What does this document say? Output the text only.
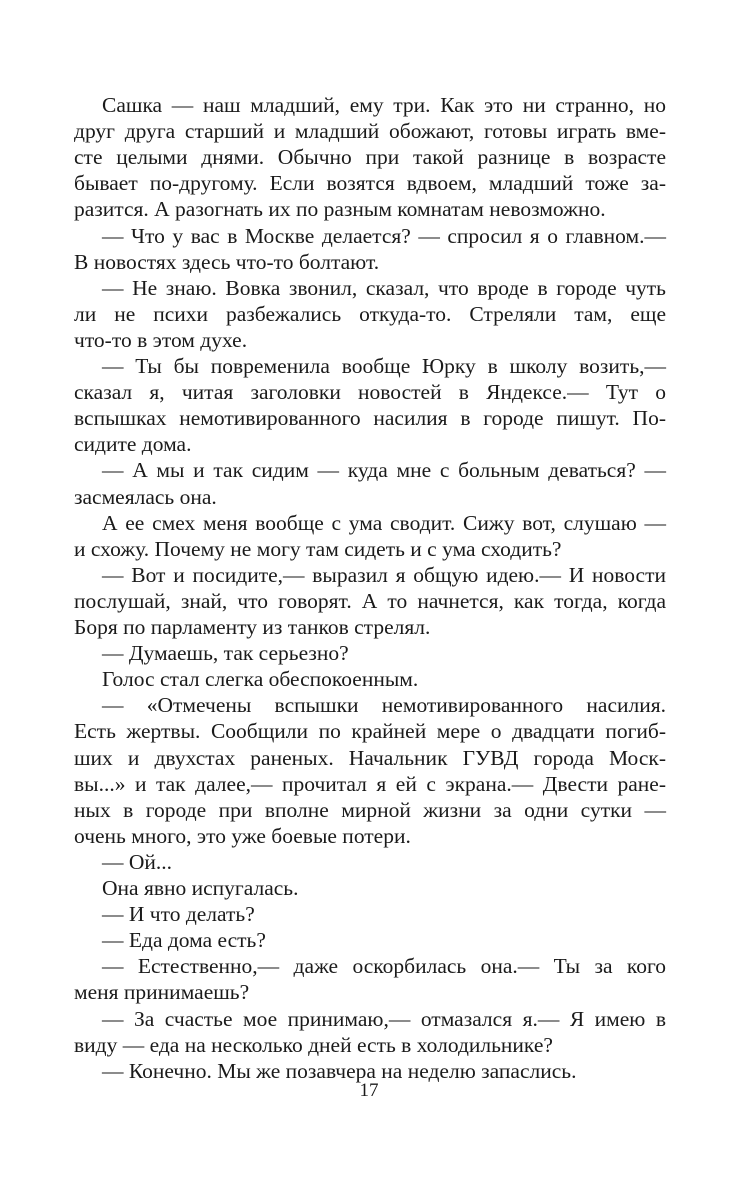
Сашка — наш младший, ему три. Как это ни странно, но
друг друга старший и младший обожают, готовы играть вме-
сте целыми днями. Обычно при такой разнице в возрасте
бывает по-другому. Если возятся вдвоем, младший тоже за-
разится. А разогнать их по разным комнатам невозможно.
— Что у вас в Москве делается? — спросил я о главном.—
В новостях здесь что-то болтают.
— Не знаю. Вовка звонил, сказал, что вроде в городе чуть
ли не психи разбежались откуда-то. Стреляли там, еще
что-то в этом духе.
— Ты бы повременила вообще Юрку в школу возить,—
сказал я, читая заголовки новостей в Яндексе.— Тут о
вспышках немотивированного насилия в городе пишут. По-
сидите дома.
— А мы и так сидим — куда мне с больным деваться? —
засмеялась она.
А ее смех меня вообще с ума сводит. Сижу вот, слушаю —
и схожу. Почему не могу там сидеть и с ума сходить?
— Вот и посидите,— выразил я общую идею.— И новости
послушай, знай, что говорят. А то начнется, как тогда, когда
Боря по парламенту из танков стрелял.
— Думаешь, так серьезно?
Голос стал слегка обеспокоенным.
— «Отмечены вспышки немотивированного насилия.
Есть жертвы. Сообщили по крайней мере о двадцати погиб-
ших и двухстах раненых. Начальник ГУВД города Моск-
вы...» и так далее,— прочитал я ей с экрана.— Двести ране-
ных в городе при вполне мирной жизни за одни сутки —
очень много, это уже боевые потери.
— Ой...
Она явно испугалась.
— И что делать?
— Еда дома есть?
— Естественно,— даже оскорбилась она.— Ты за кого
меня принимаешь?
— За счастье мое принимаю,— отмазался я.— Я имею в
виду — еда на несколько дней есть в холодильнике?
— Конечно. Мы же позавчера на неделю запаслись.
17
